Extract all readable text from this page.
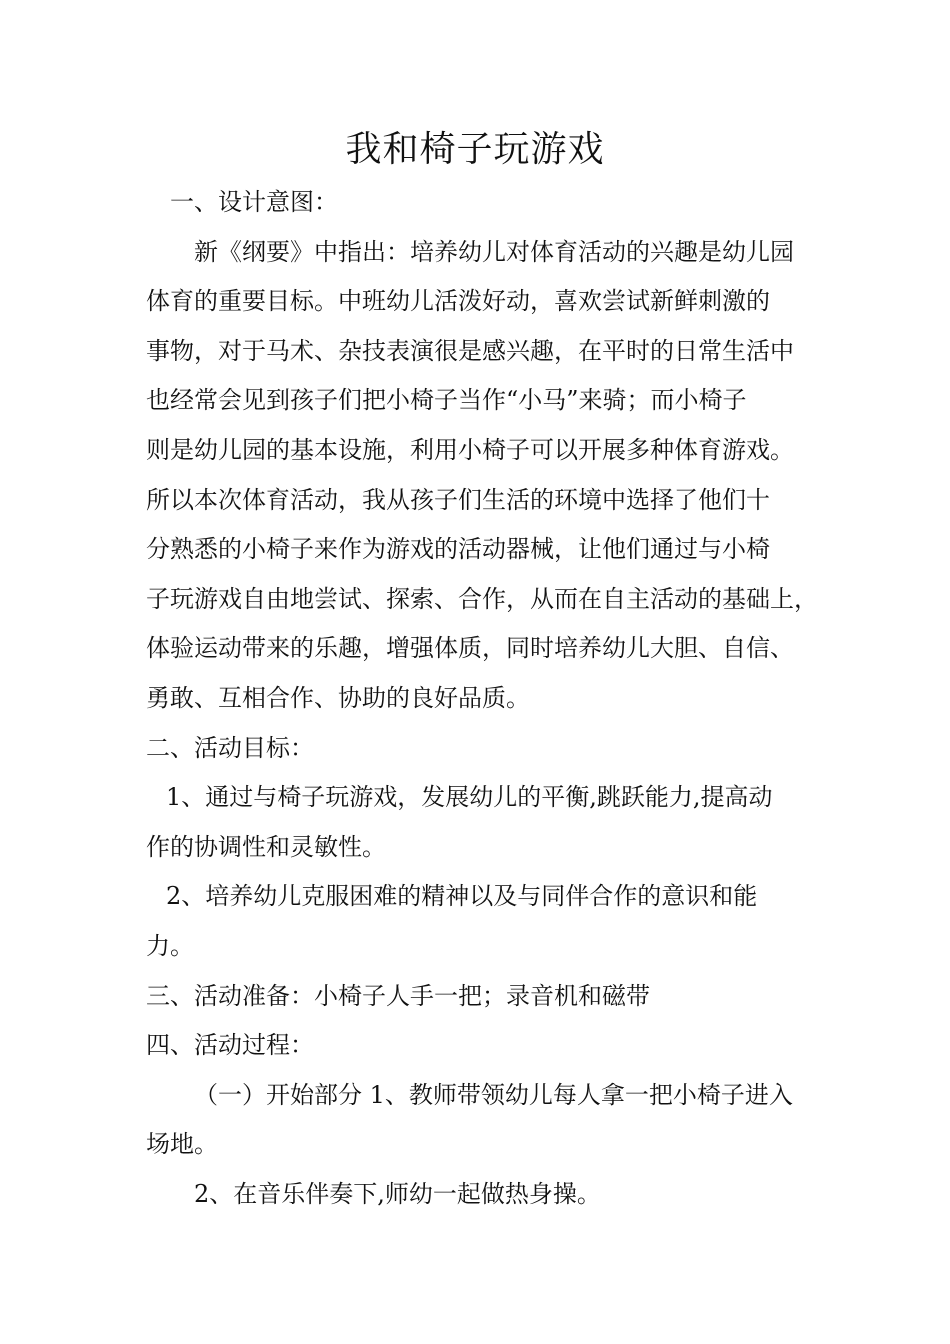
我和椅子玩游戏
一、设计意图：
新《纲要》中指出：培养幼儿对体育活动的兴趣是幼儿园
体育的重要目标。中班幼儿活泼好动，喜欢尝试新鲜刺激的
事物，对于马术、杂技表演很是感兴趣，在平时的日常生活中
也经常会见到孩子们把小椅子当作“小马”来骑；而小椅子
则是幼儿园的基本设施，利用小椅子可以开展多种体育游戏。
所以本次体育活动，我从孩子们生活的环境中选择了他们十
分熟悉的小椅子来作为游戏的活动器械，让他们通过与小椅
子玩游戏自由地尝试、探索、合作，从而在自主活动的基础上，
体验运动带来的乐趣，增强体质，同时培养幼儿大胆、自信、
勇敢、互相合作、协助的良好品质。
二、活动目标：
1、通过与椅子玩游戏，发展幼儿的平衡,跳跃能力,提高动
作的协调性和灵敏性。
2、培养幼儿克服困难的精神以及与同伴合作的意识和能
力。
三、活动准备：小椅子人手一把；录音机和磁带
四、活动过程：
（一）开始部分 1、教师带领幼儿每人拿一把小椅子进入
场地。
2、在音乐伴奏下,师幼一起做热身操。
